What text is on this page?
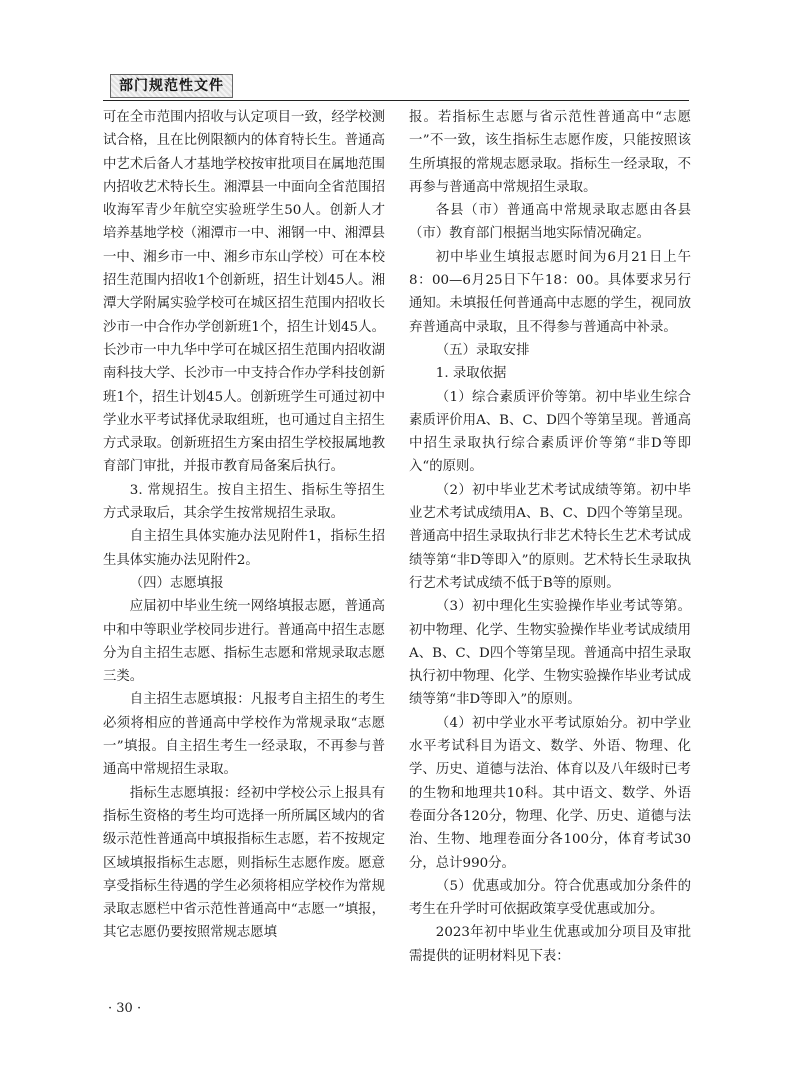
部门规范性文件

可在全市范围内招收与认定项目一致，经学校测试合格，且在比例限额内的体育特长生。普通高中艺术后备人才基地学校按审批项目在属地范围内招收艺术特长生。湘潭县一中面向全省范围招收海军青少年航空实验班学生50人。创新人才培养基地学校（湘潭市一中、湘钢一中、湘潭县一中、湘乡市一中、湘乡市东山学校）可在本校招生范围内招收1个创新班，招生计划45人。湘潭大学附属实验学校可在城区招生范围内招收长沙市一中合作办学创新班1个，招生计划45人。长沙市一中九华中学可在城区招生范围内招收湖南科技大学、长沙市一中支持合作办学科技创新班1个，招生计划45人。创新班学生可通过初中学业水平考试择优录取组班，也可通过自主招生方式录取。创新班招生方案由招生学校报属地教育部门审批，并报市教育局备案后执行。

3. 常规招生。按自主招生、指标生等招生方式录取后，其余学生按常规招生录取。

自主招生具体实施办法见附件1，指标生招生具体实施办法见附件2。

（四）志愿填报

应届初中毕业生统一网络填报志愿，普通高中和中等职业学校同步进行。普通高中招生志愿分为自主招生志愿、指标生志愿和常规录取志愿三类。

自主招生志愿填报：凡报考自主招生的考生必须将相应的普通高中学校作为常规录取“志愿一”填报。自主招生考生一经录取，不再参与普通高中常规招生录取。

指标生志愿填报：经初中学校公示上报具有指标生资格的考生均可选择一所所属区域内的省级示范性普通高中填报指标生志愿，若不按规定区域填报指标生志愿，则指标生志愿作废。愿意享受指标生待遇的学生必须将相应学校作为常规录取志愿栏中省示范性普通高中“志愿一”填报，其它志愿仍要按照常规志愿填

报。若指标生志愿与省示范性普通高中“志愿一”不一致，该生指标生志愿作废，只能按照该生所填报的常规志愿录取。指标生一经录取，不再参与普通高中常规招生录取。

各县（市）普通高中常规录取志愿由各县（市）教育部门根据当地实际情况确定。

初中毕业生填报志愿时间为6月21日上午8：00—6月25日下午18：00。具体要求另行通知。未填报任何普通高中志愿的学生，视同放弃普通高中录取，且不得参与普通高中补录。

（五）录取安排

1. 录取依据

（1）综合素质评价等第。初中毕业生综合素质评价用A、B、C、D四个等第呈现。普通高中招生录取执行综合素质评价等第“非D等即入“的原则。

（2）初中毕业艺术考试成绩等第。初中毕业艺术考试成绩用A、B、C、D四个等第呈现。普通高中招生录取执行非艺术特长生艺术考试成绩等第“非D等即入”的原则。艺术特长生录取执行艺术考试成绩不低于B等的原则。

（3）初中理化生实验操作毕业考试等第。初中物理、化学、生物实验操作毕业考试成绩用A、B、C、D四个等第呈现。普通高中招生录取执行初中物理、化学、生物实验操作毕业考试成绩等第“非D等即入”的原则。

（4）初中学业水平考试原始分。初中学业水平考试科目为语文、数学、外语、物理、化学、历史、道德与法治、体育以及八年级时已考的生物和地理共10科。其中语文、数学、外语卷面分各120分，物理、化学、历史、道德与法治、生物、地理卷面分各100分，体育考试30分，总计990分。

（5）优惠或加分。符合优惠或加分条件的考生在升学时可依据政策享受优惠或加分。

2023年初中毕业生优惠或加分项目及审批需提供的证明材料见下表：

· 30 ·
